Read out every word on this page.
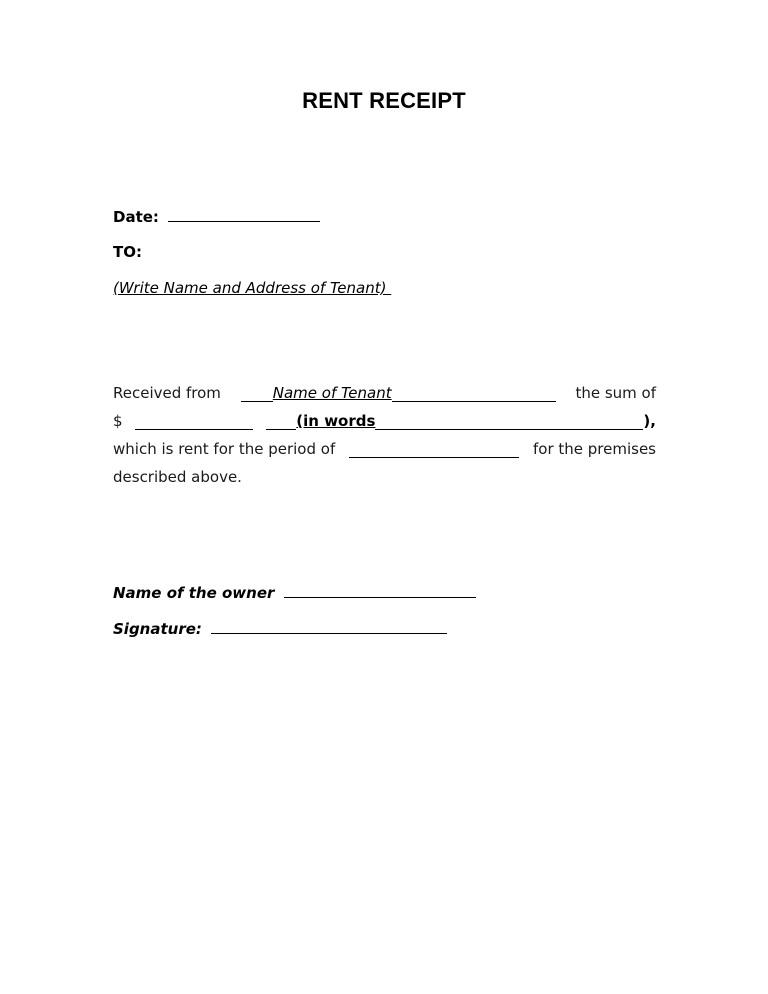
RENT RECEIPT
Date:
TO:
(Write Name and Address of Tenant)
Received from	Name of Tenant	the sum of
$	(in words	),
which is rent for the period of	for the premises
described above.
Name of the owner
Signature:
